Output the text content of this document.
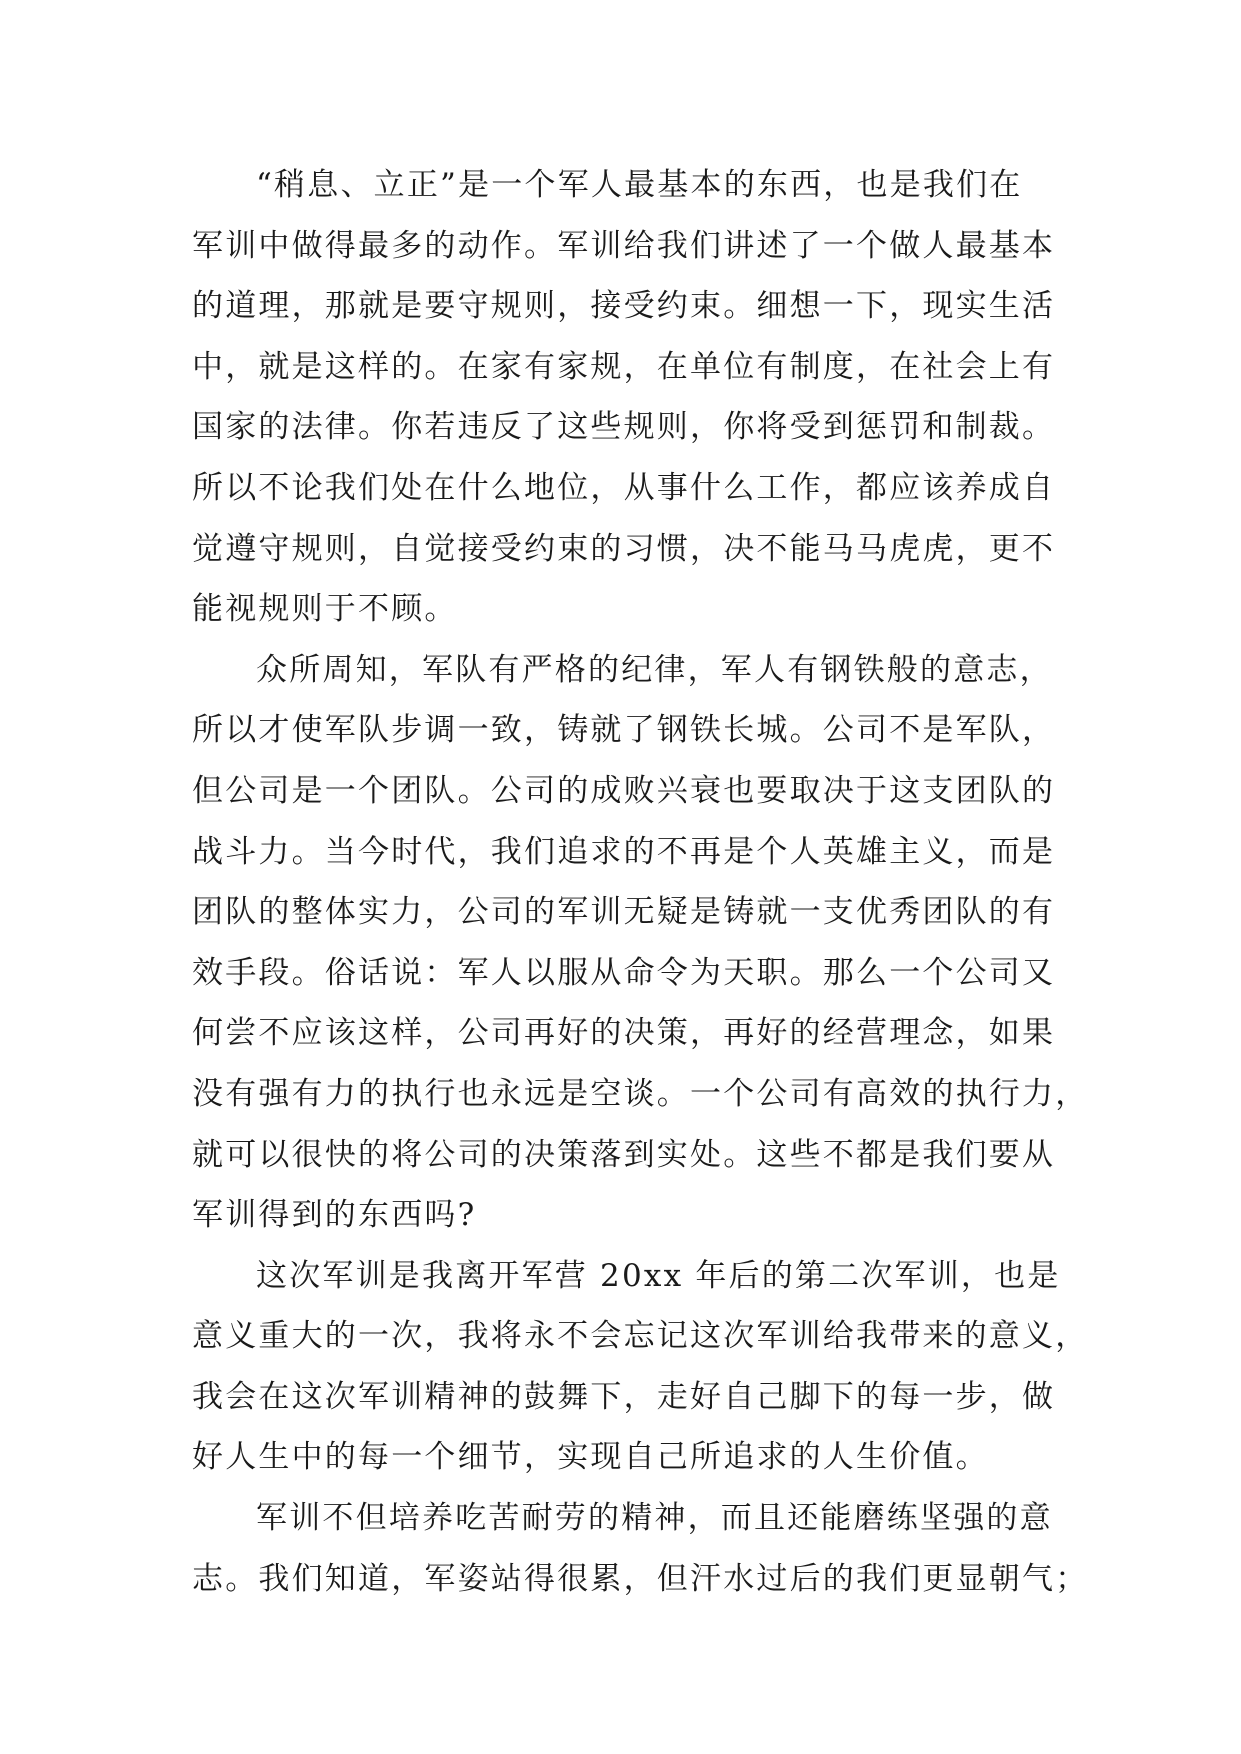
“稍息、立正”是一个军人最基本的东西，也是我们在
军训中做得最多的动作。军训给我们讲述了一个做人最基本
的道理，那就是要守规则，接受约束。细想一下，现实生活
中，就是这样的。在家有家规，在单位有制度，在社会上有
国家的法律。你若违反了这些规则，你将受到惩罚和制裁。
所以不论我们处在什么地位，从事什么工作，都应该养成自
觉遵守规则，自觉接受约束的习惯，决不能马马虎虎，更不
能视规则于不顾。
众所周知，军队有严格的纪律，军人有钢铁般的意志，
所以才使军队步调一致，铸就了钢铁长城。公司不是军队，
但公司是一个团队。公司的成败兴衰也要取决于这支团队的
战斗力。当今时代，我们追求的不再是个人英雄主义，而是
团队的整体实力，公司的军训无疑是铸就一支优秀团队的有
效手段。俗话说：军人以服从命令为天职。那么一个公司又
何尝不应该这样，公司再好的决策，再好的经营理念，如果
没有强有力的执行也永远是空谈。一个公司有高效的执行力，
就可以很快的将公司的决策落到实处。这些不都是我们要从
军训得到的东西吗?
这次军训是我离开军营 20xx 年后的第二次军训，也是
意义重大的一次，我将永不会忘记这次军训给我带来的意义，
我会在这次军训精神的鼓舞下，走好自己脚下的每一步，做
好人生中的每一个细节，实现自己所追求的人生价值。
军训不但培养吃苦耐劳的精神，而且还能磨练坚强的意
志。我们知道，军姿站得很累，但汗水过后的我们更显朝气；
